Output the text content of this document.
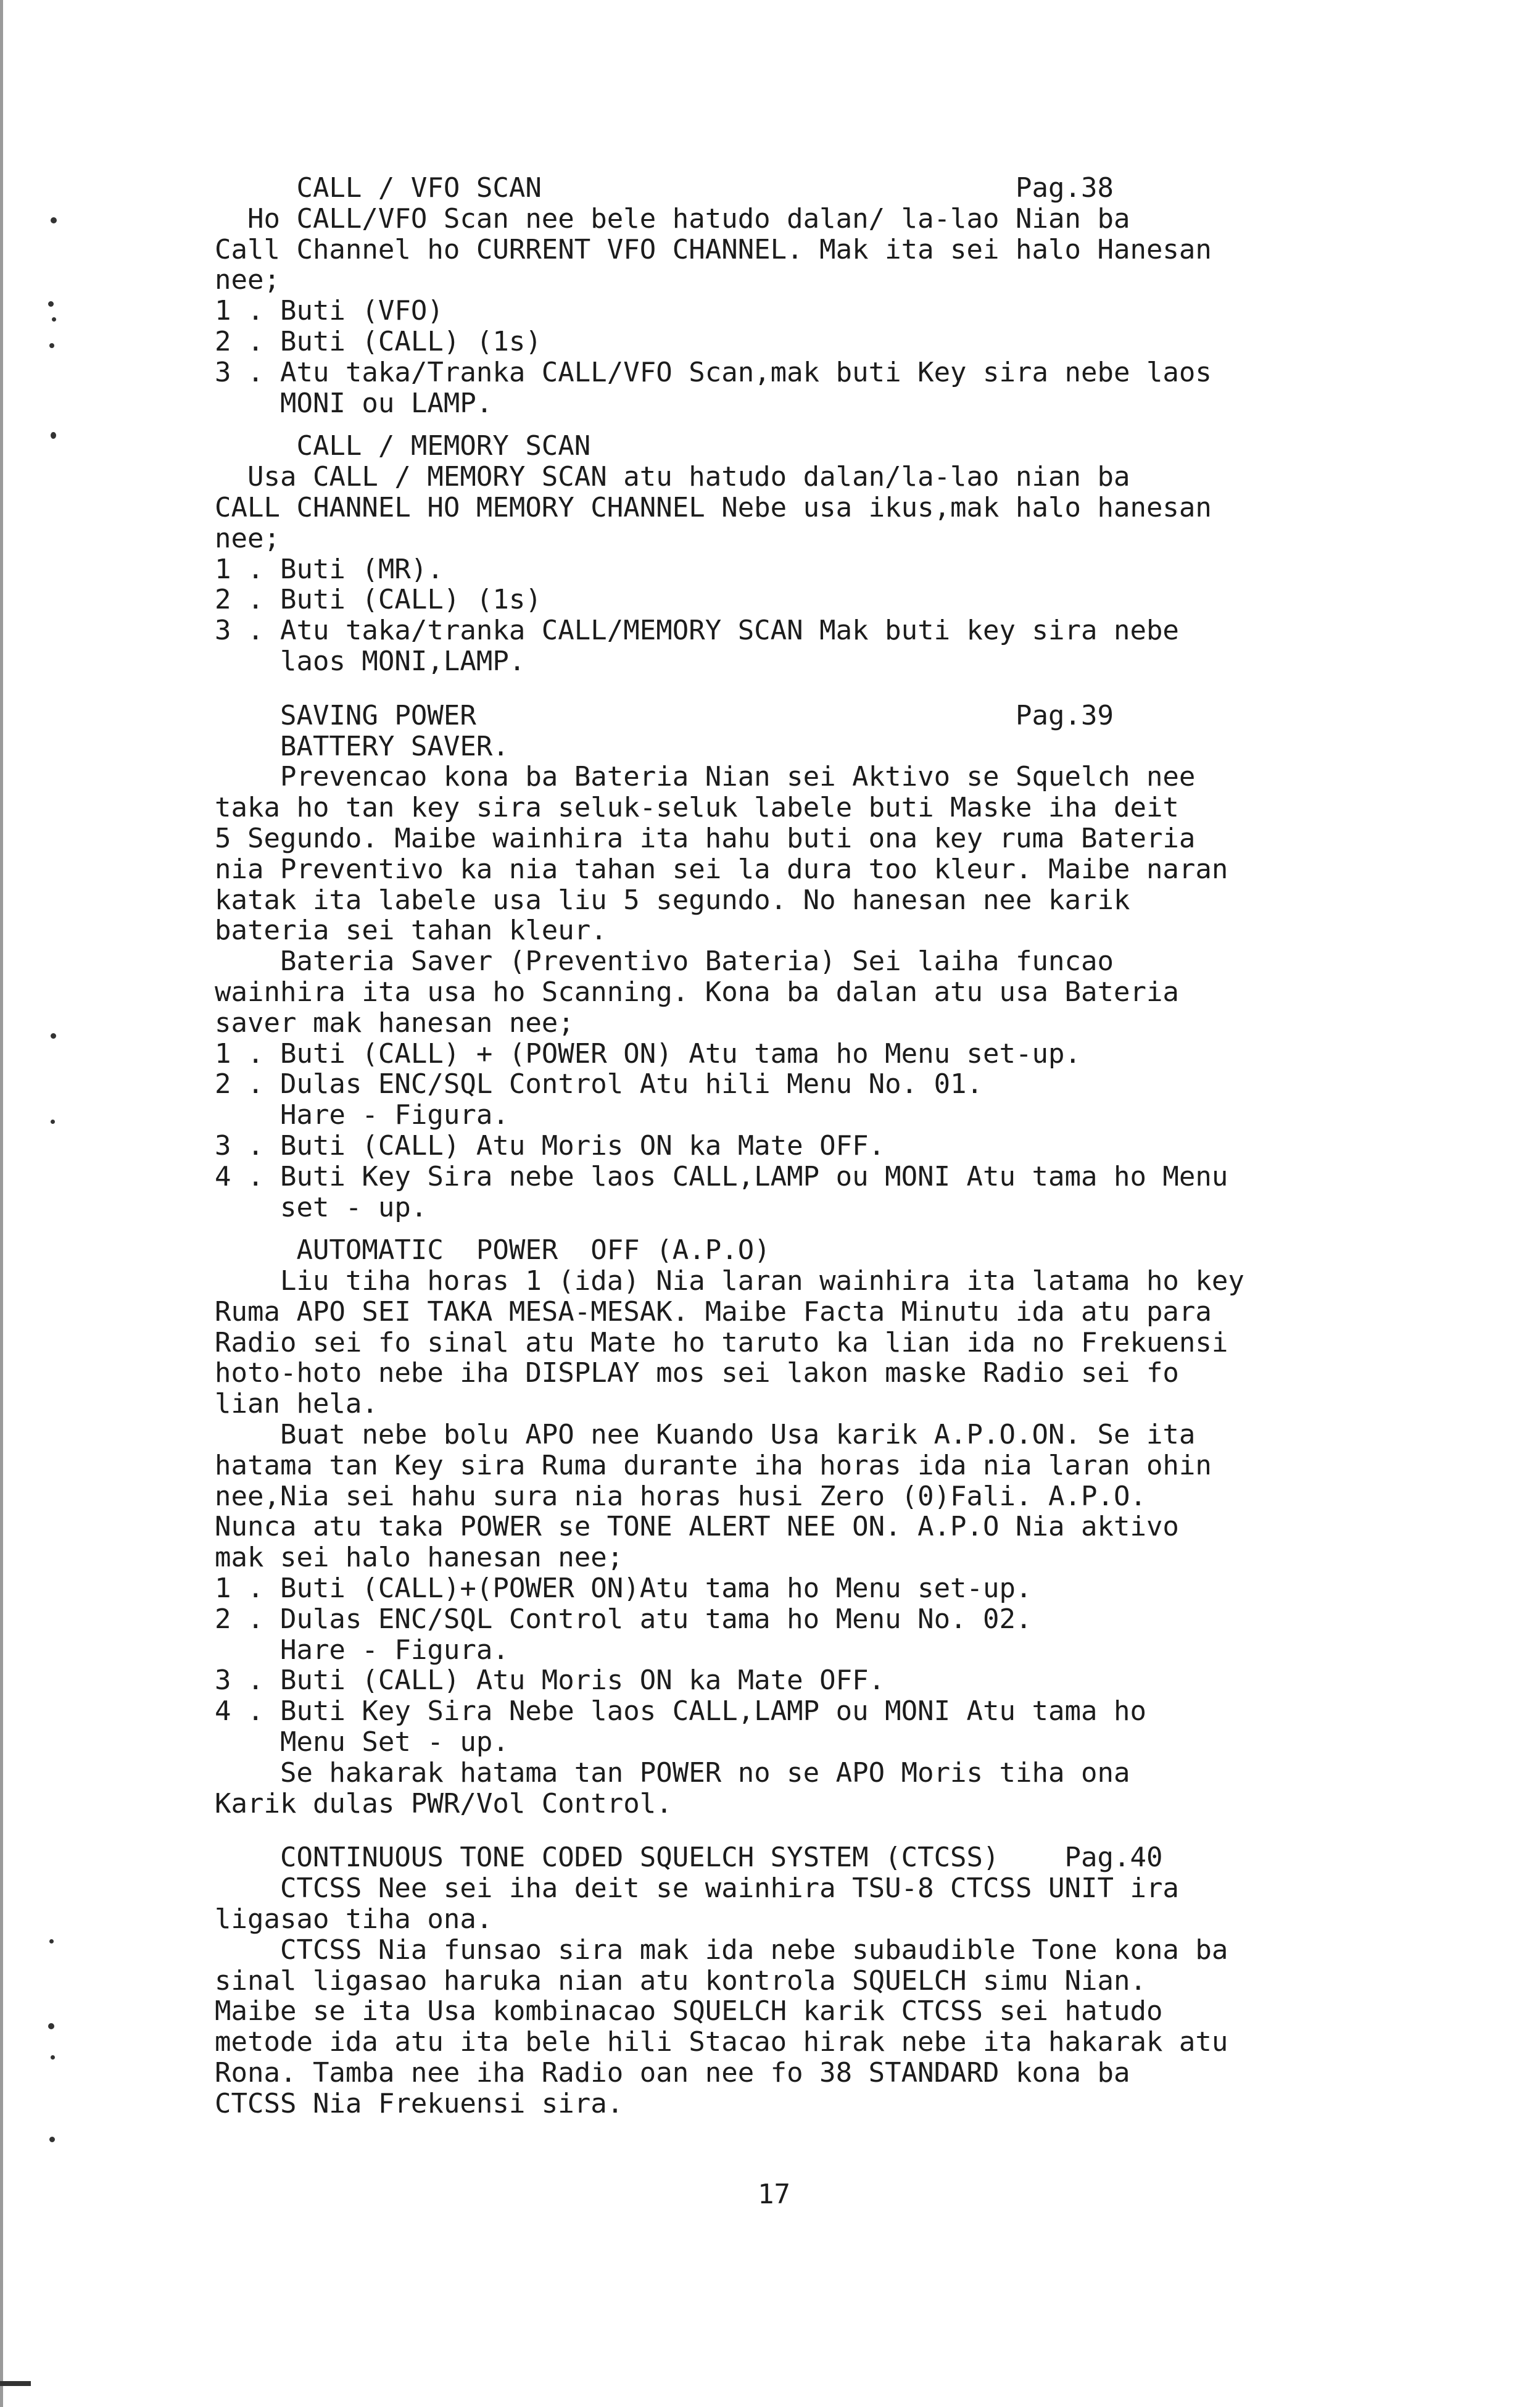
CALL / VFO SCAN                             Pag.38
Ho CALL/VFO Scan nee bele hatudo dalan/ la-lao Nian ba
Call Channel ho CURRENT VFO CHANNEL. Mak ita sei halo Hanesan
nee;
1 . Buti (VFO)
2 . Buti (CALL) (1s)
3 . Atu taka/Tranka CALL/VFO Scan,mak buti Key sira nebe laos
MONI ou LAMP.
CALL / MEMORY SCAN
Usa CALL / MEMORY SCAN atu hatudo dalan/la-lao nian ba
CALL CHANNEL HO MEMORY CHANNEL Nebe usa ikus,mak halo hanesan
nee;
1 . Buti (MR).
2 . Buti (CALL) (1s)
3 . Atu taka/tranka CALL/MEMORY SCAN Mak buti key sira nebe
laos MONI,LAMP.
SAVING POWER                                 Pag.39
BATTERY SAVER.
Prevencao kona ba Bateria Nian sei Aktivo se Squelch nee
taka ho tan key sira seluk-seluk labele buti Maske iha deit
5 Segundo. Maibe wainhira ita hahu buti ona key ruma Bateria
nia Preventivo ka nia tahan sei la dura too kleur. Maibe naran
katak ita labele usa liu 5 segundo. No hanesan nee karik
bateria sei tahan kleur.
Bateria Saver (Preventivo Bateria) Sei laiha funcao
wainhira ita usa ho Scanning. Kona ba dalan atu usa Bateria
saver mak hanesan nee;
1 . Buti (CALL) + (POWER ON) Atu tama ho Menu set-up.
2 . Dulas ENC/SQL Control Atu hili Menu No. 01.
Hare - Figura.
3 . Buti (CALL) Atu Moris ON ka Mate OFF.
4 . Buti Key Sira nebe laos CALL,LAMP ou MONI Atu tama ho Menu
set - up.
AUTOMATIC  POWER  OFF (A.P.O)
Liu tiha horas 1 (ida) Nia laran wainhira ita latama ho key
Ruma APO SEI TAKA MESA-MESAK. Maibe Facta Minutu ida atu para
Radio sei fo sinal atu Mate ho taruto ka lian ida no Frekuensi
hoto-hoto nebe iha DISPLAY mos sei lakon maske Radio sei fo
lian hela.
Buat nebe bolu APO nee Kuando Usa karik A.P.O.ON. Se ita
hatama tan Key sira Ruma durante iha horas ida nia laran ohin
nee,Nia sei hahu sura nia horas husi Zero (0)Fali. A.P.O.
Nunca atu taka POWER se TONE ALERT NEE ON. A.P.O Nia aktivo
mak sei halo hanesan nee;
1 . Buti (CALL)+(POWER ON)Atu tama ho Menu set-up.
2 . Dulas ENC/SQL Control atu tama ho Menu No. 02.
Hare - Figura.
3 . Buti (CALL) Atu Moris ON ka Mate OFF.
4 . Buti Key Sira Nebe laos CALL,LAMP ou MONI Atu tama ho
Menu Set - up.
Se hakarak hatama tan POWER no se APO Moris tiha ona
Karik dulas PWR/Vol Control.
CONTINUOUS TONE CODED SQUELCH SYSTEM (CTCSS)    Pag.40
CTCSS Nee sei iha deit se wainhira TSU-8 CTCSS UNIT ira
ligasao tiha ona.
CTCSS Nia funsao sira mak ida nebe subaudible Tone kona ba
sinal ligasao haruka nian atu kontrola SQUELCH simu Nian.
Maibe se ita Usa kombinacao SQUELCH karik CTCSS sei hatudo
metode ida atu ita bele hili Stacao hirak nebe ita hakarak atu
Rona. Tamba nee iha Radio oan nee fo 38 STANDARD kona ba
CTCSS Nia Frekuensi sira.
17
